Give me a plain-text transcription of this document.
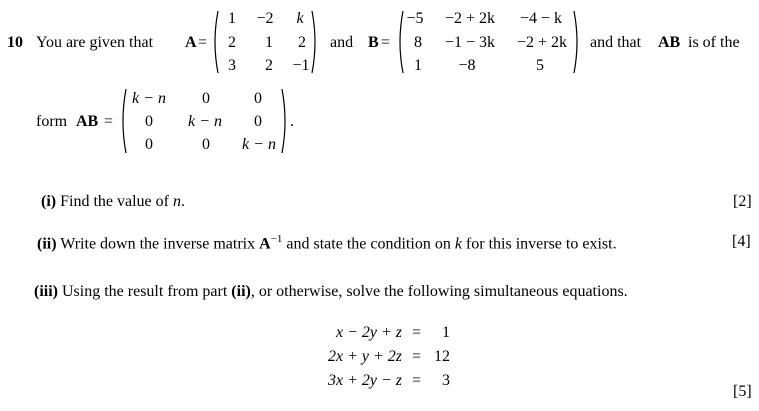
10 You are given that A =
1	−2	k
2	1	2
3	2	−1
and B =
−5	−2 + 2k	−4 − k
8	−1 − 3k	−2 + 2k
1	−8	5
and that AB is of the
form AB =
k − n	0	0
0	k − n	0
0	0	k − n
.
(i) Find the value of n.	[2]
(ii) Write down the inverse matrix $A^{-1}$ and state the condition on k for this inverse to exist.	[4]
(iii) Using the result from part (ii), or otherwise, solve the following simultaneous equations.
x − 2y + z =	1
2x + y + 2z = 12
3x + 2y − z =	3
[5]
